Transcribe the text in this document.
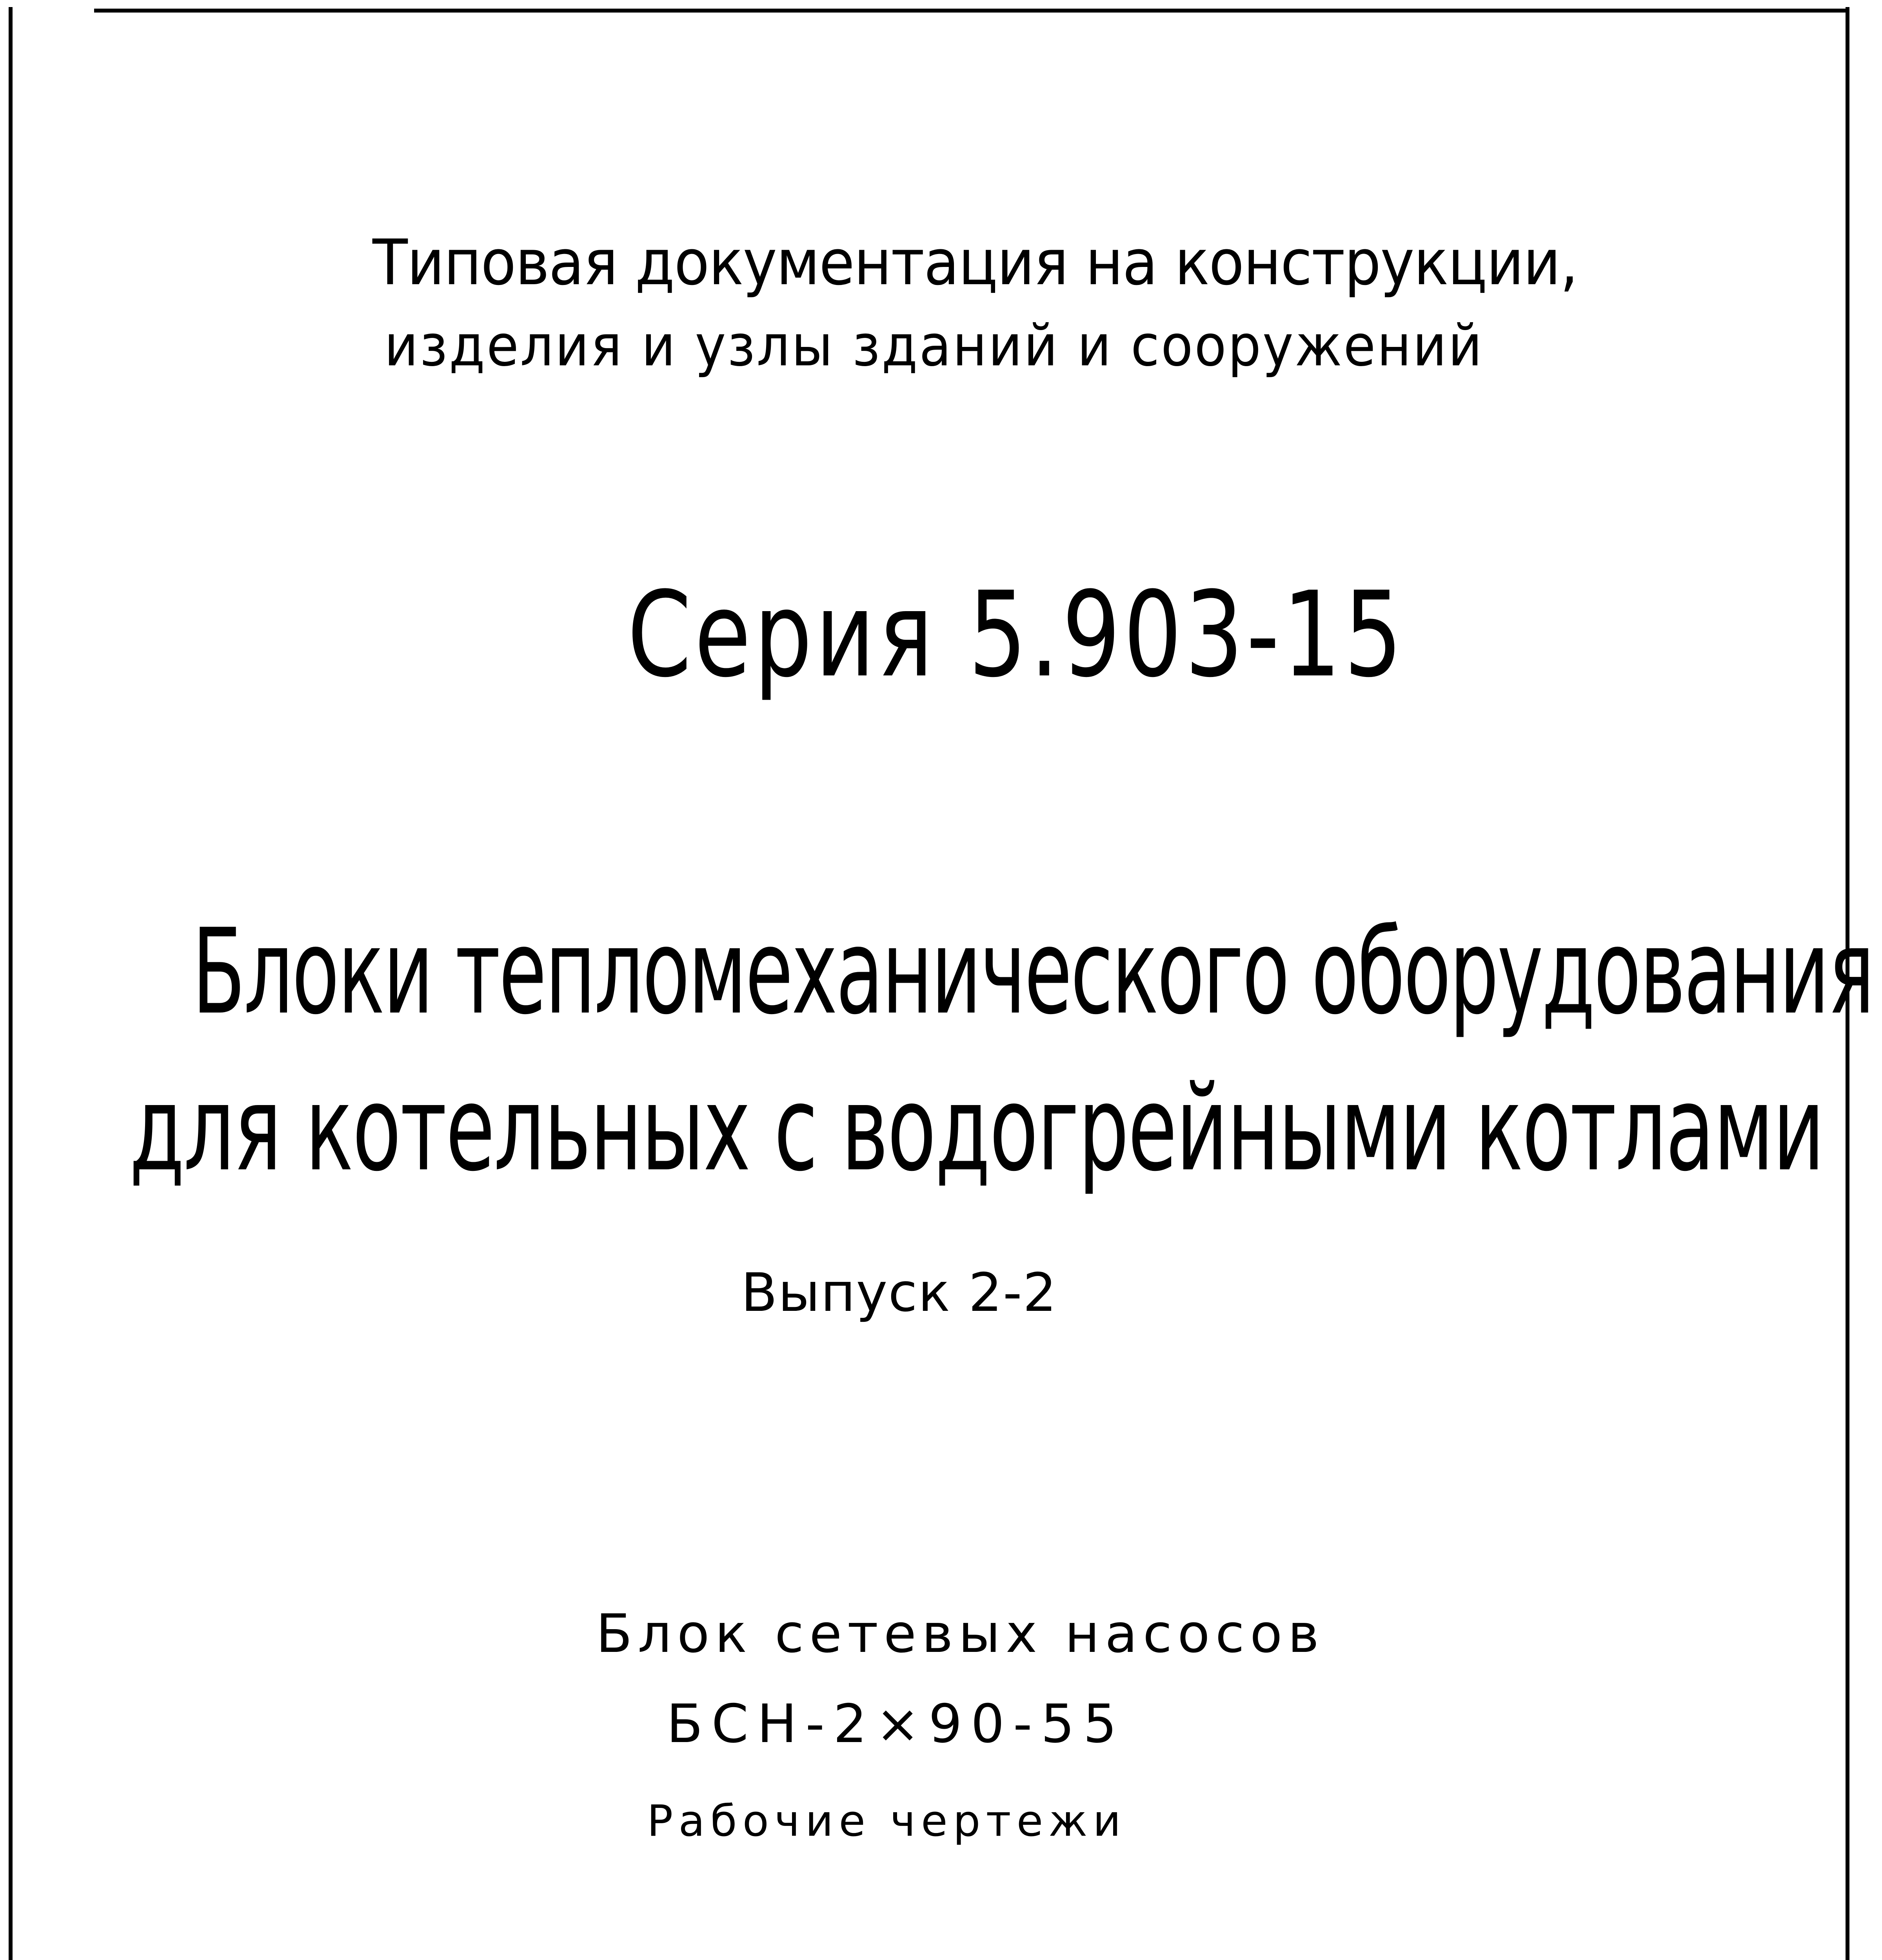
Типовая документация на конструкции,
изделия и узлы зданий и сооружений
Серия 5.903-15
Блоки тепломеханического оборудования
для котельных с водогрейными котлами
Выпуск 2-2
Блок сетевых насосов
БСН-2×90-55
Рабочие чертежи
